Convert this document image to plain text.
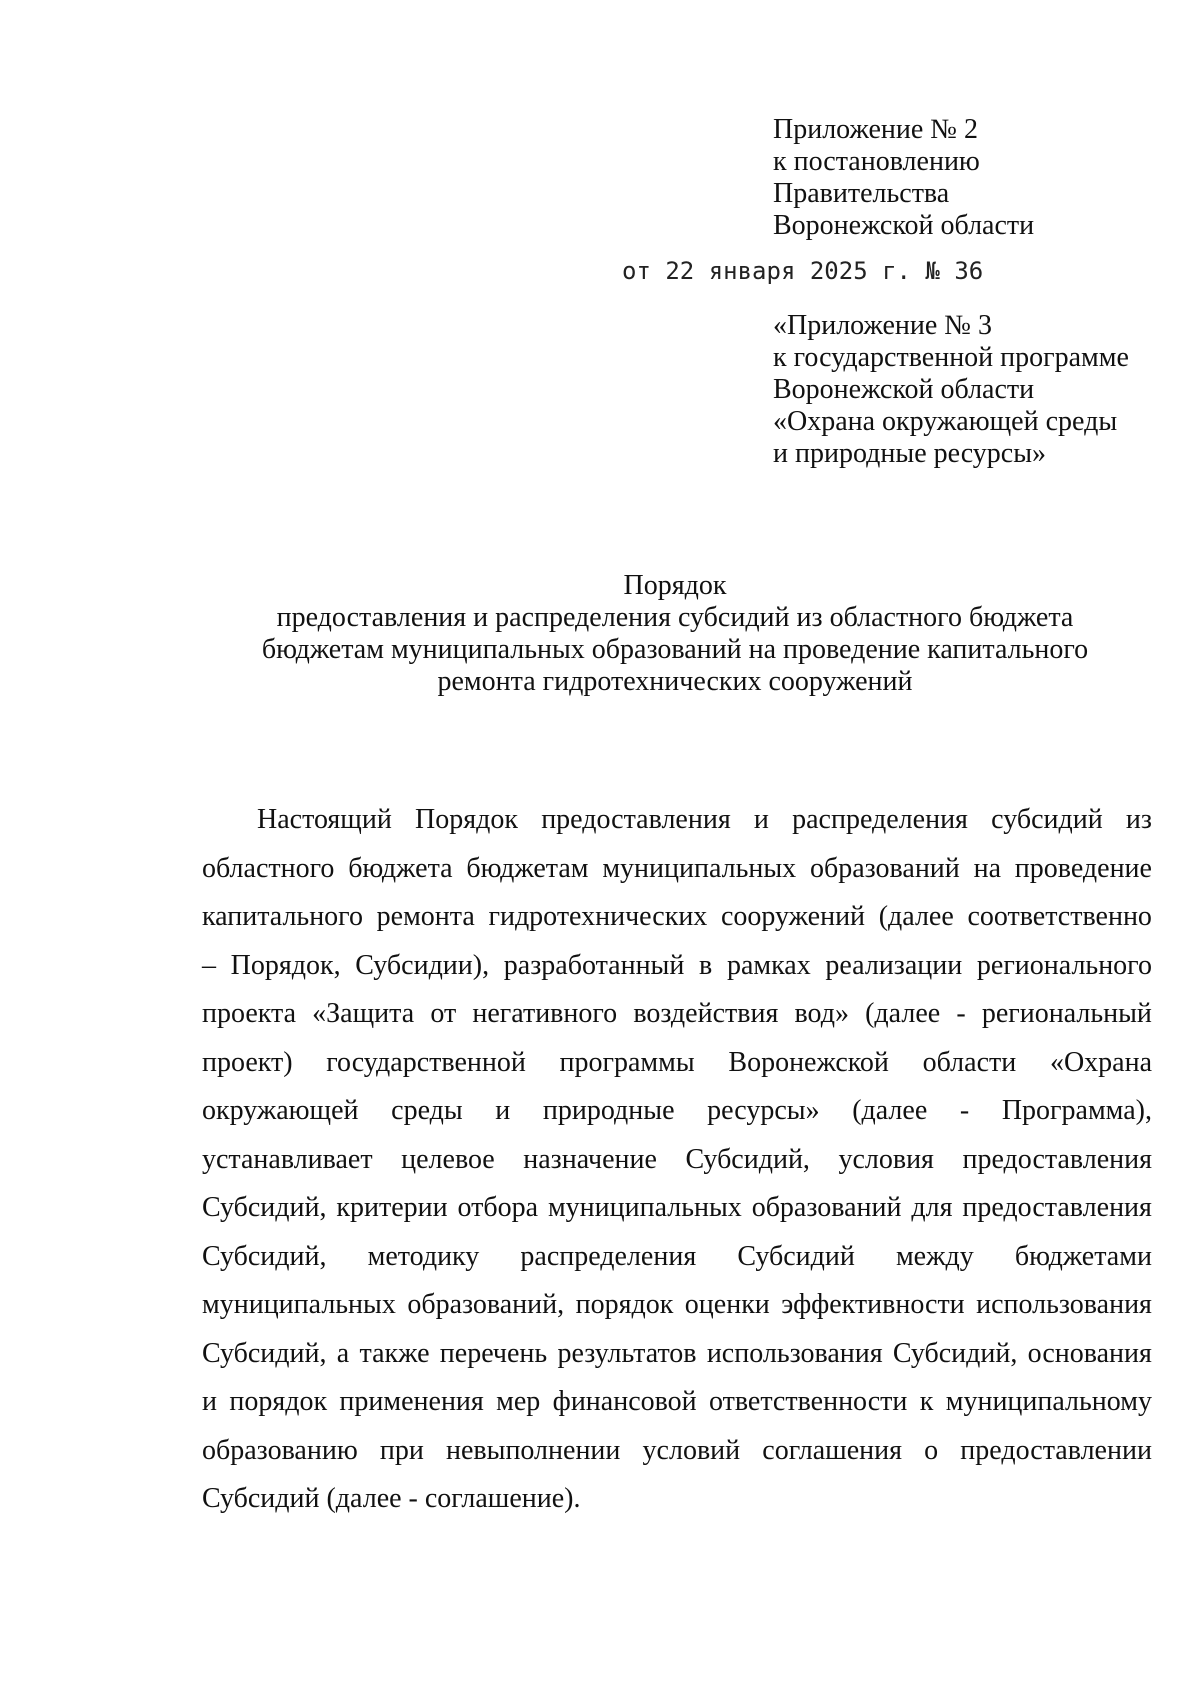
Приложение № 2
к постановлению
Правительства
Воронежской области
от 22 января 2025 г. № 36
«Приложение № 3
к государственной программе
Воронежской области
«Охрана окружающей среды
и природные ресурсы»
Порядок
предоставления и распределения субсидий из областного бюджета
бюджетам муниципальных образований на проведение капитального
ремонта гидротехнических сооружений
Настоящий Порядок предоставления и распределения субсидий из
областного бюджета бюджетам муниципальных образований на проведение
капитального ремонта гидротехнических сооружений (далее соответственно
– Порядок, Субсидии), разработанный в рамках реализации регионального
проекта «Защита от негативного воздействия вод» (далее - региональный
проект) государственной программы Воронежской области «Охрана
окружающей среды и природные ресурсы» (далее - Программа),
устанавливает целевое назначение Субсидий, условия предоставления
Субсидий, критерии отбора муниципальных образований для предоставления
Субсидий, методику распределения Субсидий между бюджетами
муниципальных образований, порядок оценки эффективности использования
Субсидий, а также перечень результатов использования Субсидий, основания
и порядок применения мер финансовой ответственности к муниципальному
образованию при невыполнении условий соглашения о предоставлении
Субсидий (далее - соглашение).
